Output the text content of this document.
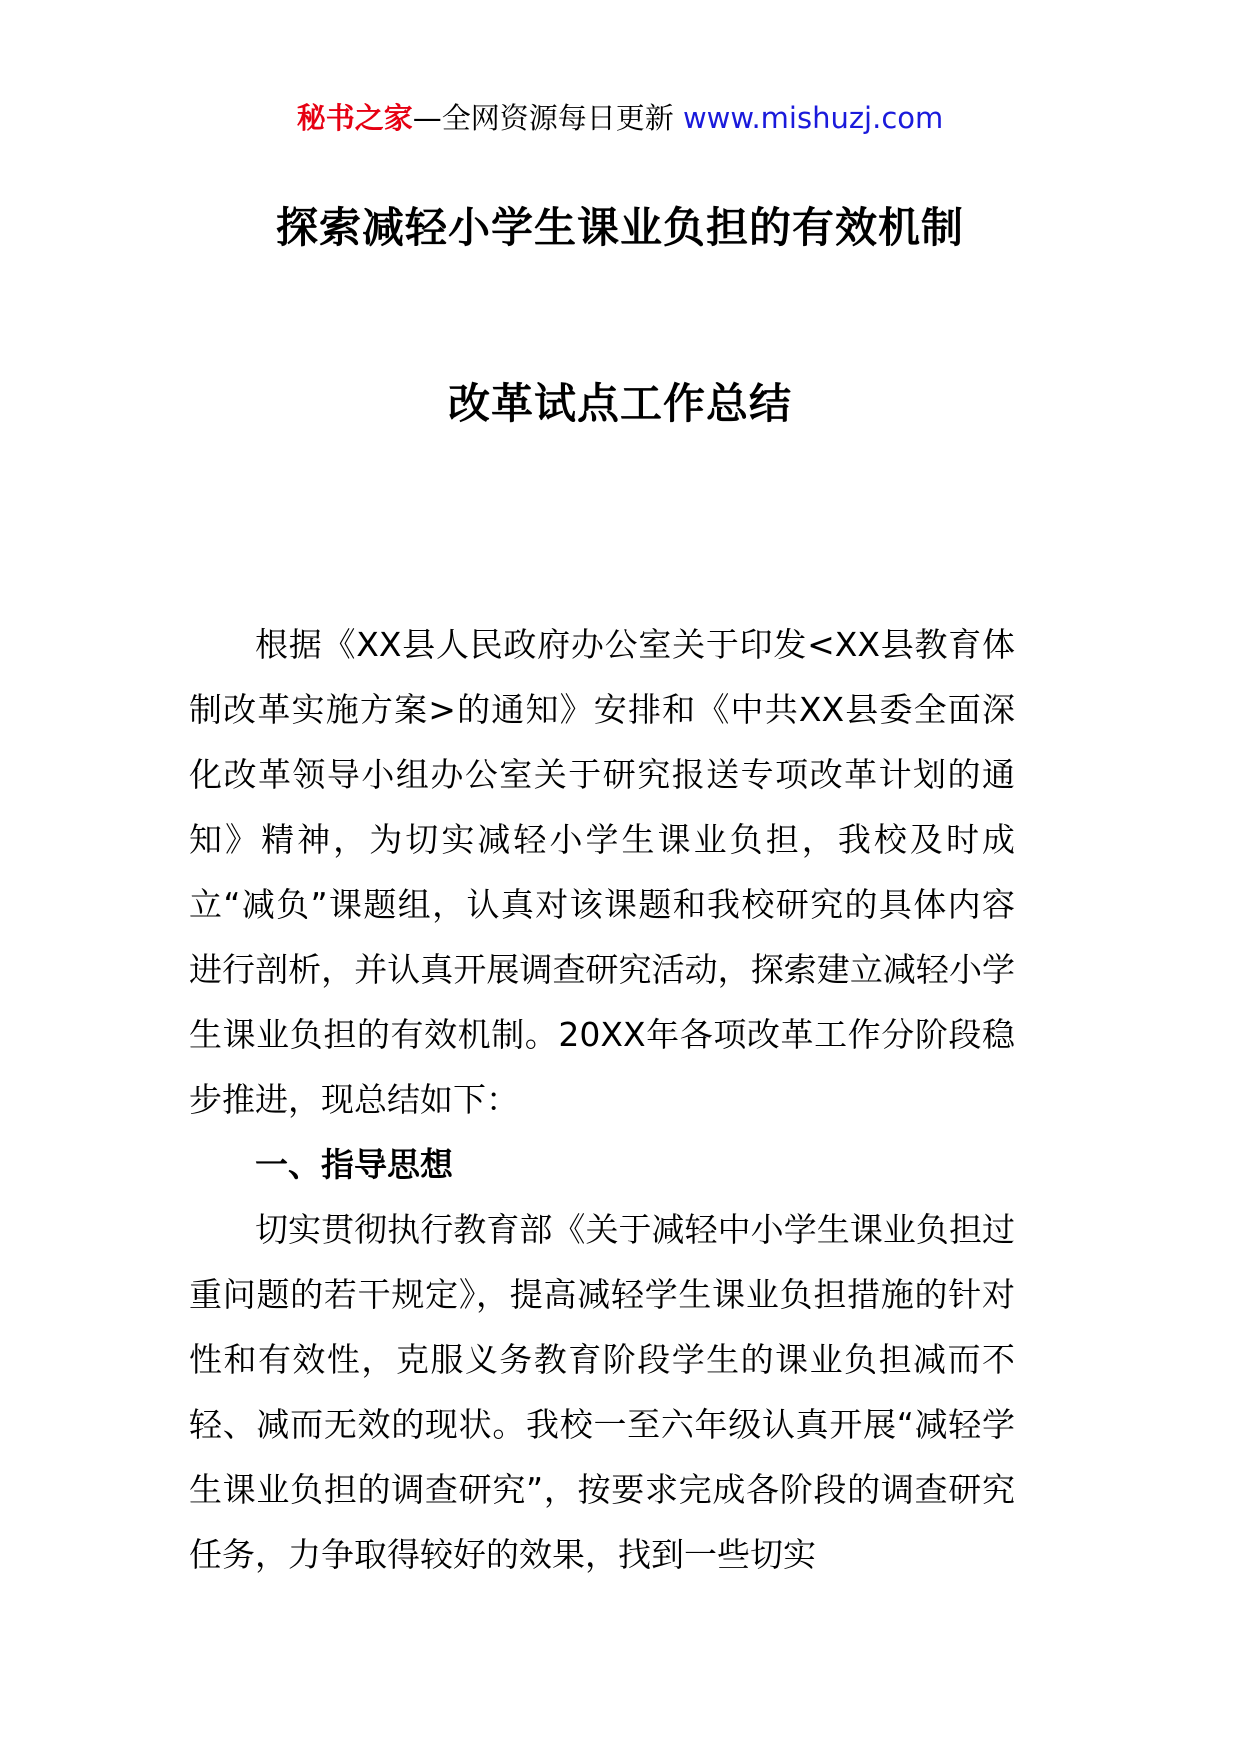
秘书之家—全网资源每日更新 www.mishuzj.com
探索减轻小学生课业负担的有效机制
改革试点工作总结

根据《XX县人民政府办公室关于印发<XX县教育体制改革实施方案>的通知》安排和《中共XX县委全面深化改革领导小组办公室关于研究报送专项改革计划的通知》精神，为切实减轻小学生课业负担，我校及时成立“减负”课题组，认真对该课题和我校研究的具体内容进行剖析，并认真开展调查研究活动，探索建立减轻小学生课业负担的有效机制。20XX年各项改革工作分阶段稳步推进，现总结如下：

一、指导思想

切实贯彻执行教育部《关于减轻中小学生课业负担过重问题的若干规定》，提高减轻学生课业负担措施的针对性和有效性，克服义务教育阶段学生的课业负担减而不轻、减而无效的现状。我校一至六年级认真开展“减轻学生课业负担的调查研究”，按要求完成各阶段的调查研究任务，力争取得较好的效果，找到一些切实
